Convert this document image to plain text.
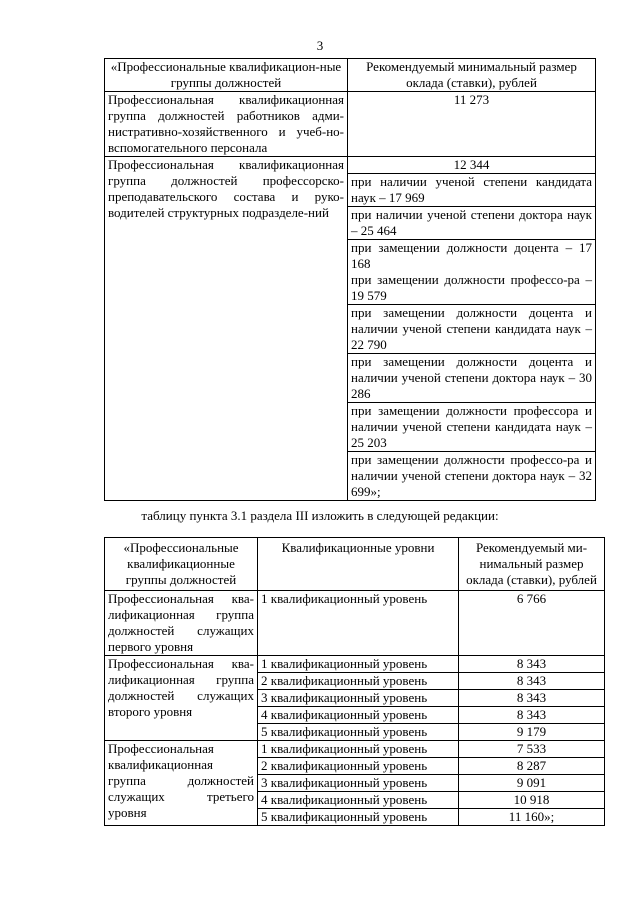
3
«Профессиональные квалификацион-ные группы должностей	Рекомендуемый минимальный размер оклада (ставки), рублей
Профессиональная квалификационная группа должностей работников адми-нистративно-хозяйственного и учеб-но-вспомогательного персонала	11 273
Профессиональная квалификационная группа должностей профессорско-преподавательского состава и руко-водителей структурных подразделе-ний	12 344
	при наличии ученой степени кандидата наук – 17 969
	при наличии ученой степени доктора наук – 25 464
	при замещении должности доцента – 17 168
	при замещении должности профессо-ра – 19 579
	при замещении должности доцента и наличии ученой степени кандидата наук – 22 790
	при замещении должности доцента и наличии ученой степени доктора наук – 30 286
	при замещении должности профессора и наличии ученой степени кандидата наук – 25 203
	при замещении должности профессо-ра и наличии ученой степени доктора наук – 32 699»;
таблицу пункта 3.1 раздела III изложить в следующей редакции:
«Профессиональные квалификационные группы должностей	Квалификационные уровни	Рекомендуемый ми-нимальный размер оклада (ставки), рублей
Профессиональная ква-лификационная группа должностей служащих первого уровня	1 квалификационный уровень	6 766
Профессиональная ква-лификационная группа должностей служащих второго уровня	1 квалификационный уровень	8 343
	2 квалификационный уровень	8 343
	3 квалификационный уровень	8 343
	4 квалификационный уровень	8 343
	5 квалификационный уровень	9 179
Профессиональная квалификационная группа должностей служащих третьего уровня	1 квалификационный уровень	7 533
	2 квалификационный уровень	8 287
	3 квалификационный уровень	9 091
	4 квалификационный уровень	10 918
	5 квалификационный уровень	11 160»;
